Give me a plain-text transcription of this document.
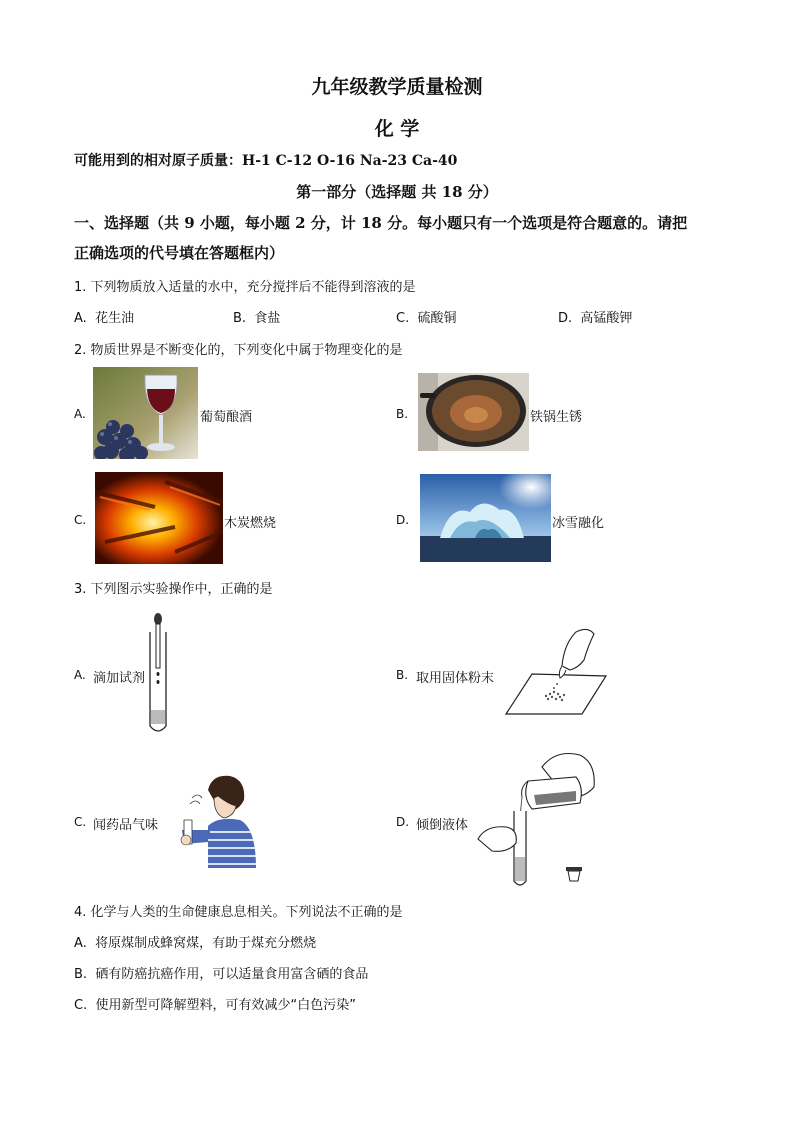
九年级教学质量检测
化 学
可能用到的相对原子质量：H-1 C-12 O-16 Na-23 Ca-40
第一部分（选择题 共 18 分）
一、选择题（共 9 小题，每小题 2 分，计 18 分。每小题只有一个选项是符合题意的。请把
正确选项的代号填在答题框内）
1. 下列物质放入适量的水中，充分搅拌后不能得到溶液的是
A. 花生油	B. 食盐	C. 硫酸铜	D. 高锰酸钾
2. 物质世界是不断变化的，下列变化中属于物理变化的是
A.	葡萄酿酒	B.	铁锅生锈
C.	木炭燃烧	D.	冰雪融化
3. 下列图示实验操作中，正确的是
A. 滴加试剂	B. 取用固体粉末
C. 闻药品气味	D. 倾倒液体
4. 化学与人类的生命健康息息相关。下列说法不正确的是
A. 将原煤制成蜂窝煤，有助于煤充分燃烧
B. 硒有防癌抗癌作用，可以适量食用富含硒的食品
C. 使用新型可降解塑料，可有效减少“白色污染”
